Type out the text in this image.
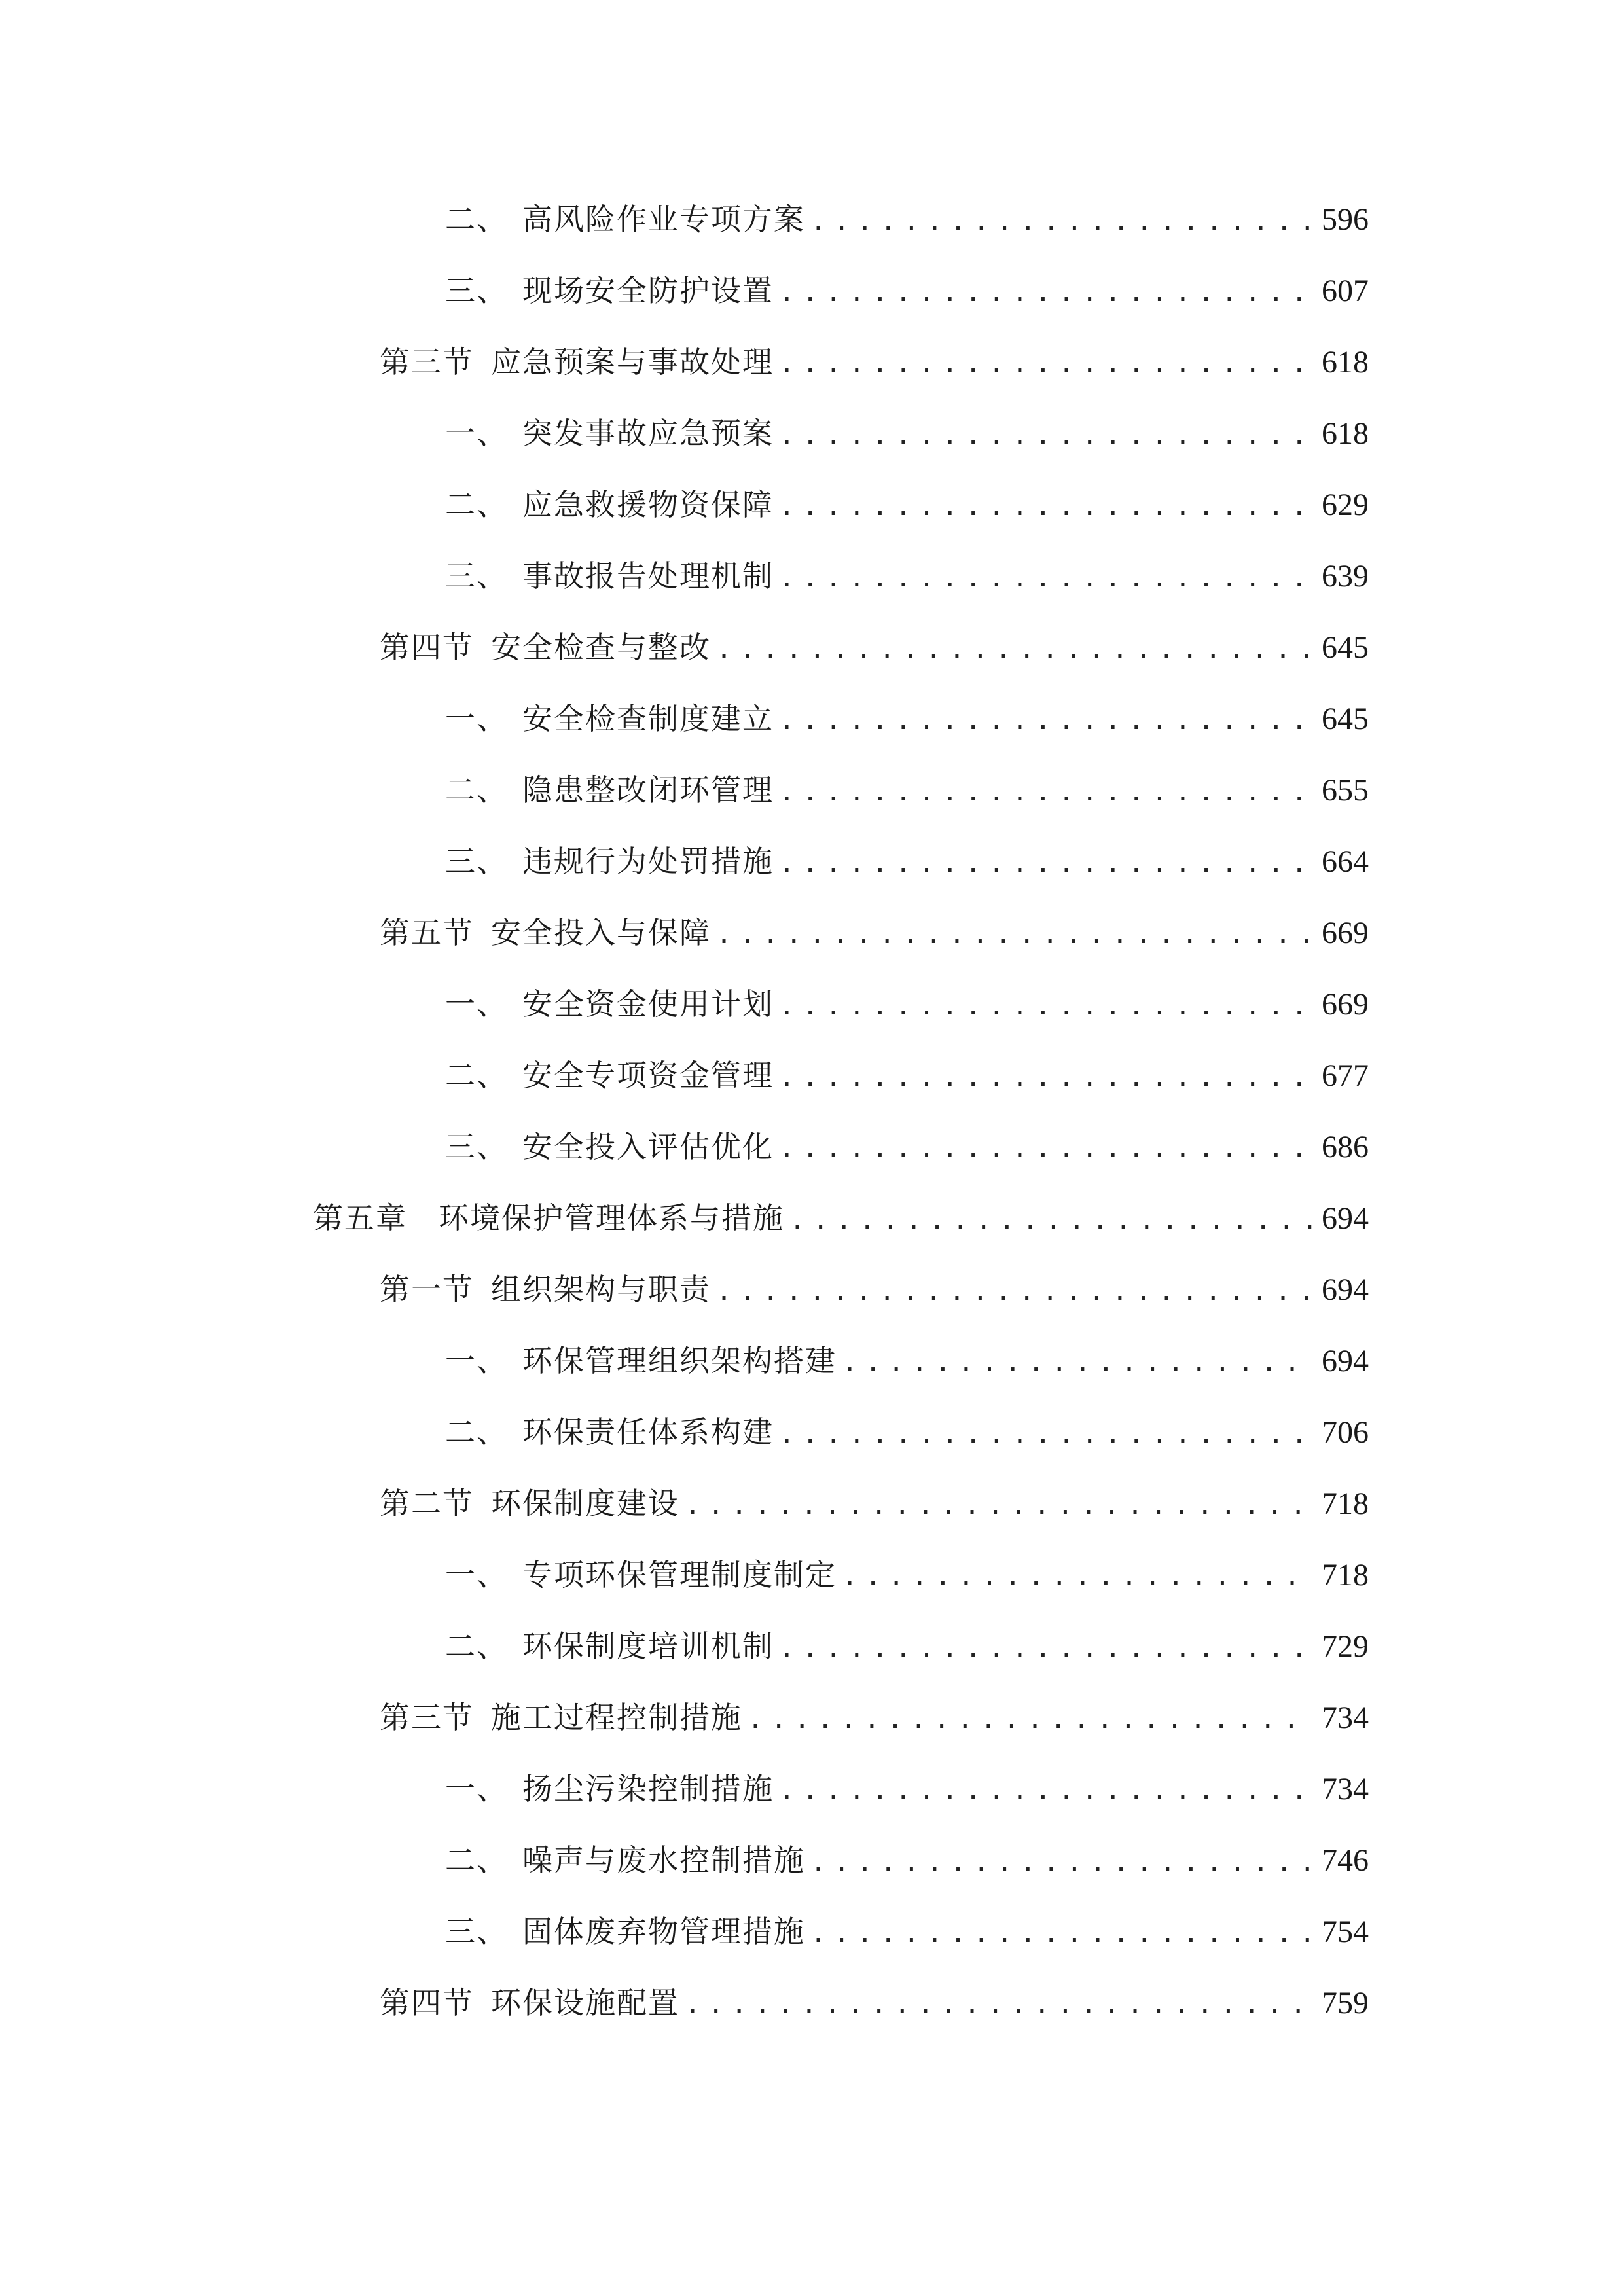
二、 高风险作业专项方案 .....	596
三、 现场安全防护设置 .....	607
第三节 应急预案与事故处理 .....	618
一、 突发事故应急预案 .....	618
二、 应急救援物资保障 .....	629
三、 事故报告处理机制 .....	639
第四节 安全检查与整改 .....	645
一、 安全检查制度建立 .....	645
二、 隐患整改闭环管理 .....	655
三、 违规行为处罚措施 .....	664
第五节 安全投入与保障 .....	669
一、 安全资金使用计划 .....	669
二、 安全专项资金管理 .....	677
三、 安全投入评估优化 .....	686
第五章 环境保护管理体系与措施 .....	694
第一节 组织架构与职责 .....	694
一、 环保管理组织架构搭建 .....	694
二、 环保责任体系构建 .....	706
第二节 环保制度建设 .....	718
一、 专项环保管理制度制定 .....	718
二、 环保制度培训机制 .....	729
第三节 施工过程控制措施 .....	734
一、 扬尘污染控制措施 .....	734
二、 噪声与废水控制措施 .....	746
三、 固体废弃物管理措施 .....	754
第四节 环保设施配置 .....	759
